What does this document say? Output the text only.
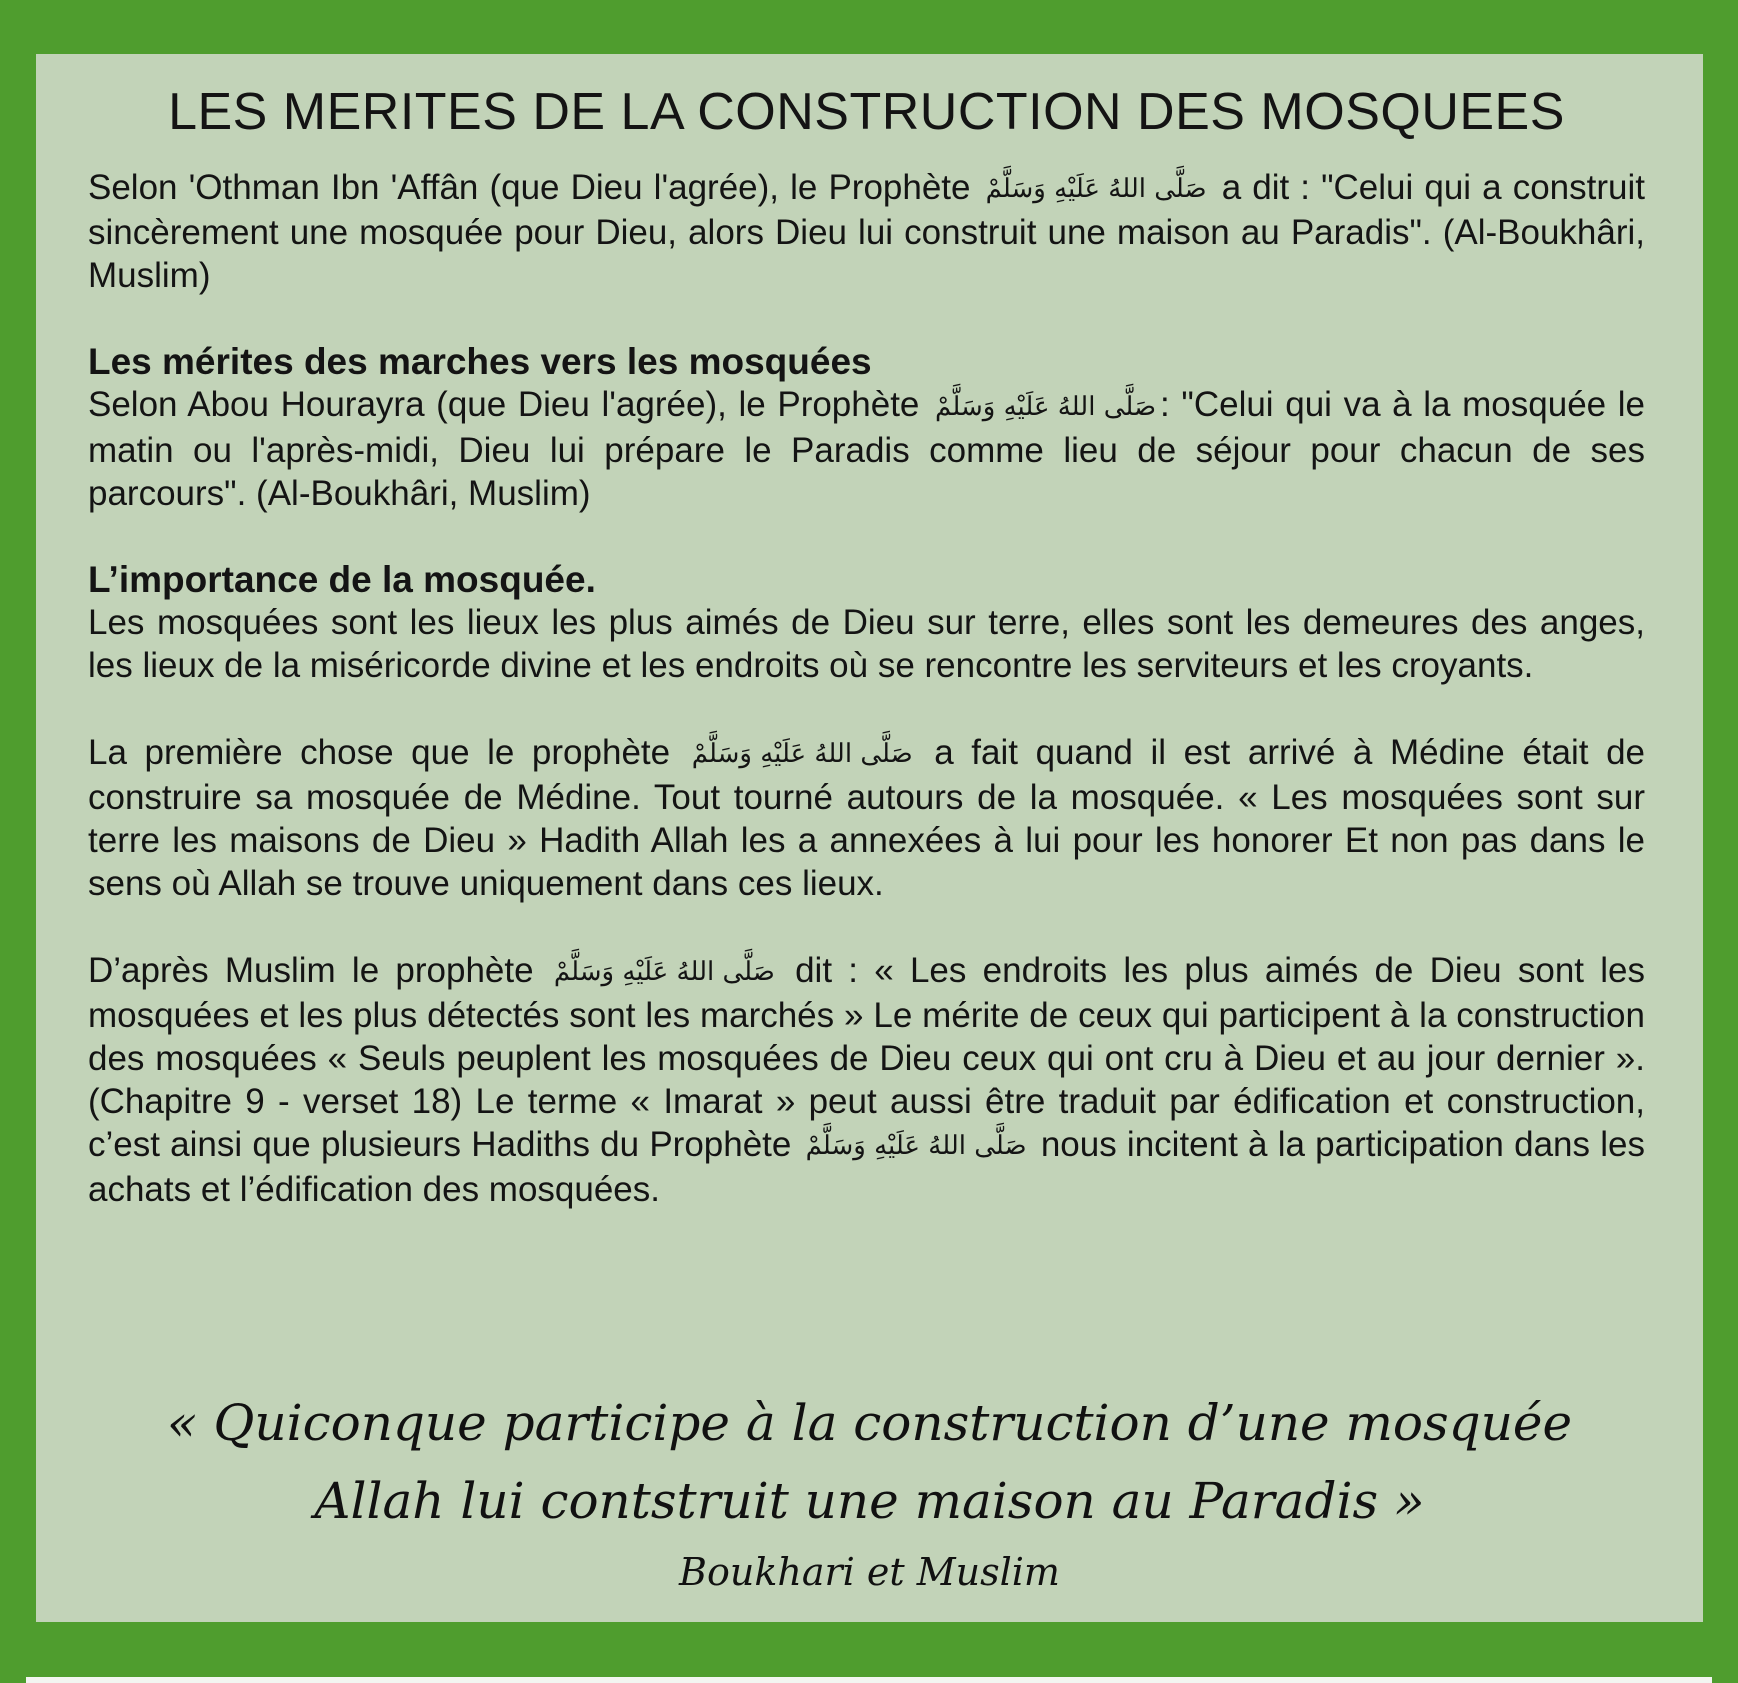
LES MERITES DE LA CONSTRUCTION DES MOSQUEES

Selon 'Othman Ibn 'Affân (que Dieu l'agrée), le Prophète صَلَّى اللهُ عَلَيْهِ وَسَلَّمْ a dit : "Celui qui a construit sincèrement une mosquée pour Dieu, alors Dieu lui construit une maison au Paradis". (Al-Boukhâri, Muslim)

Les mérites des marches vers les mosquées

Selon Abou Hourayra (que Dieu l'agrée), le Prophète صَلَّى اللهُ عَلَيْهِ وَسَلَّمْ : "Celui qui va à la mosquée le matin ou l'après-midi, Dieu lui prépare le Paradis comme lieu de séjour pour chacun de ses parcours". (Al-Boukhâri, Muslim)

L’importance de la mosquée.

Les mosquées sont les lieux les plus aimés de Dieu sur terre, elles sont les demeures des anges, les lieux de la miséricorde divine et les endroits où se rencontre les serviteurs et les croyants.

La première chose que le prophète صَلَّى اللهُ عَلَيْهِ وَسَلَّمْ a fait quand il est arrivé à Médine était de construire sa mosquée de Médine. Tout tourné autours de la mosquée. « Les mosquées sont sur terre les maisons de Dieu » Hadith Allah les a annexées à lui pour les honorer Et non pas dans le sens où Allah se trouve uniquement dans ces lieux.

D’après Muslim le prophète صَلَّى اللهُ عَلَيْهِ وَسَلَّمْ dit : « Les endroits les plus aimés de Dieu sont les mosquées et les plus détectés sont les marchés » Le mérite de ceux qui participent à la construction des mosquées « Seuls peuplent les mosquées de Dieu ceux qui ont cru à Dieu et au jour dernier ». (Chapitre 9 - verset 18) Le terme « Imarat » peut aussi être traduit par édification et construction, c’est ainsi que plusieurs Hadiths du Prophète صَلَّى اللهُ عَلَيْهِ وَسَلَّمْ nous incitent à la participation dans les achats et l’édification des mosquées.

« Quiconque participe à la construction d’une mosquée
Allah lui contstruit une maison au Paradis »
Boukhari et Muslim
